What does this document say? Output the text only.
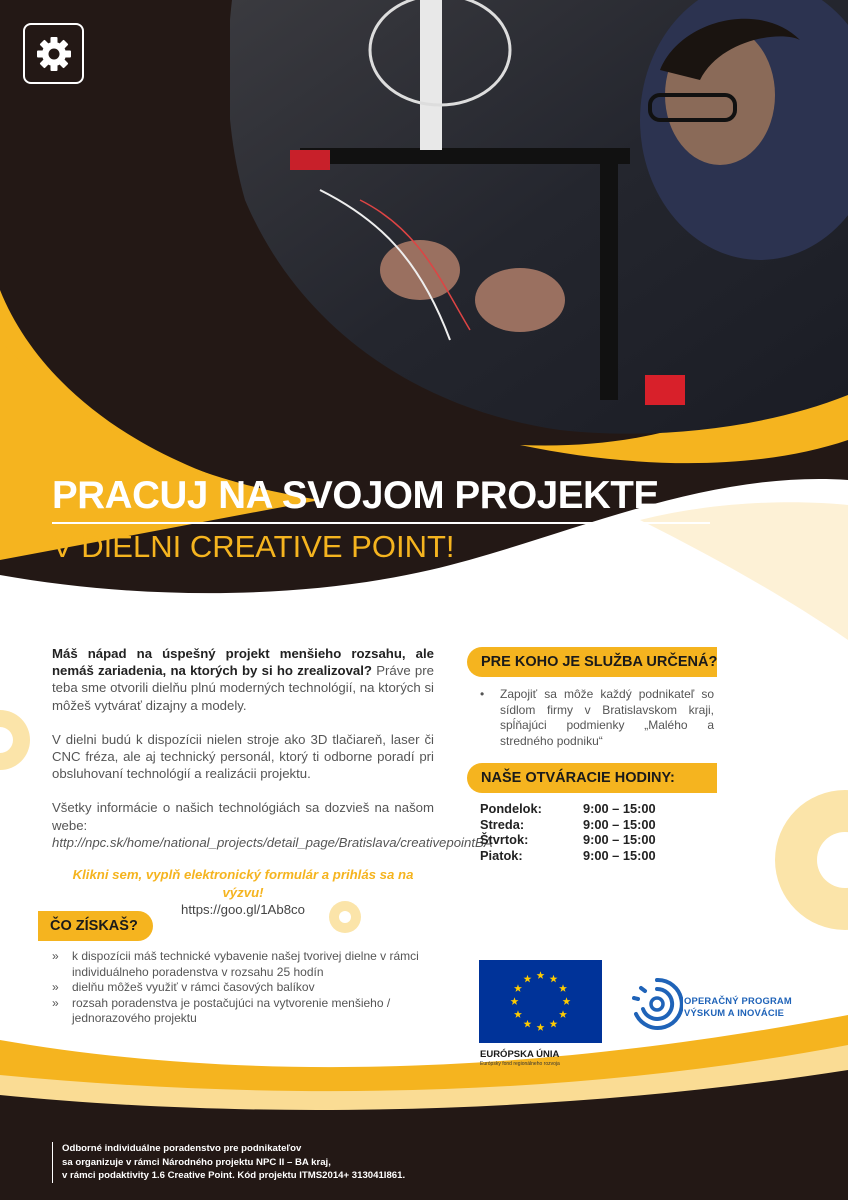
PRACUJ NA SVOJOM PROJEKTE
V DIELNI CREATIVE POINT!

Máš nápad na úspešný projekt menšieho rozsahu, ale nemáš zariadenia, na ktorých by si ho zrealizoval? Práve pre teba sme otvorili dielňu plnú moderných technológií, na ktorých si môžeš vytvárať dizajny a modely.

V dielni budú k dispozícii nielen stroje ako 3D tlačiareň, laser či CNC fréza, ale aj technický personál, ktorý ti odborne poradí pri obsluhovaní technológií a realizácii projektu.

Všetky informácie o našich technológiách sa dozvieš na našom webe: http://npc.sk/home/national_projects/detail_page/Bratislava/creativepointBA

Klikni sem, vyplň elektronický formulár a prihlás sa na výzvu!
https://goo.gl/1Ab8co
ČO ZÍSKAŠ?
» k dispozícii máš technické vybavenie našej tvorivej dielne v rámci individuálneho poradenstva v rozsahu 25 hodín
» dielňu môžeš využiť v rámci časových balíkov
» rozsah poradenstva je postačujúci na vytvorenie menšieho / jednorazového projektu
PRE KOHO JE SLUŽBA URČENÁ?
• Zapojiť sa môže každý podnikateľ so sídlom firmy v Bratislavskom kraji, spĺňajúci podmienky „Malého a stredného podniku“
NAŠE OTVÁRACIE HODINY:
Pondelok:	9:00 – 15:00
Streda:	9:00 – 15:00
Štvrtok:	9:00 – 15:00
Piatok:	9:00 – 15:00
EURÓPSKA ÚNIA
Európsky fond regionálneho rozvoja
OPERAČNÝ PROGRAM
VÝSKUM A INOVÁCIE
Odborné individuálne poradenstvo pre podnikateľov
sa organizuje v rámci Národného projektu NPC II – BA kraj,
v rámci podaktivity 1.6 Creative Point. Kód projektu ITMS2014+ 313041I861.
